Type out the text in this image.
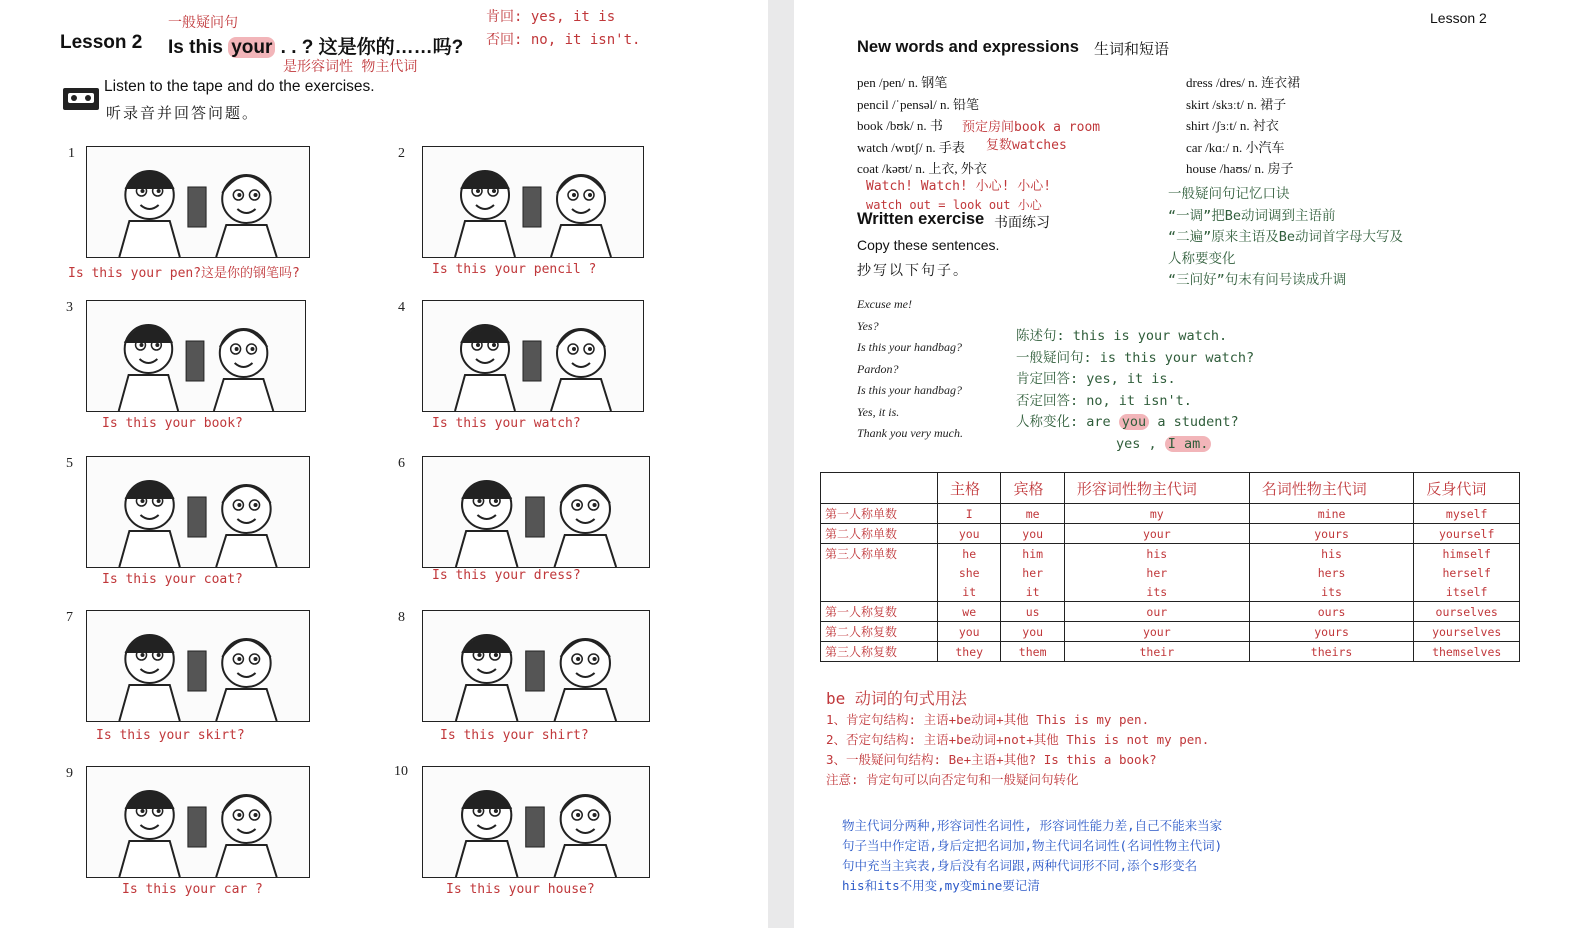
Lesson 2 Is this your . . ? 这是你的……吗?
一般疑问句
是形容词性 物主代词
肯回: yes, it is
否回: no, it isn't.
Listen to the tape and do the exercises.
听录音并回答问题。
1
Is this your pen?这是你的钢笔吗?
2
Is this your pencil ?
3
Is this your book?
4
Is this your watch?
5
Is this your coat?
6
Is this your dress?
7
Is this your skirt?
8
Is this your shirt?
9
Is this your car ?
10
Is this your house?
Lesson 2
New words and expressions 生词和短语
pen /pen/ n. 钢笔
pencil /ˈpensəl/ n. 铅笔
book /bʊk/ n. 书
watch /wɒtʃ/ n. 手表
coat /kəʊt/ n. 上衣, 外衣
dress /dres/ n. 连衣裙
skirt /skɜːt/ n. 裙子
shirt /ʃɜːt/ n. 衬衣
car /kɑː/ n. 小汽车
house /haʊs/ n. 房子
预定房间book a room
复数watches
Watch! Watch! 小心! 小心!
watch out = look out 小心
Written exercise 书面练习
Copy these sentences.
抄写以下句子。
Excuse me!
Yes?
Is this your handbag?
Pardon?
Is this your handbag?
Yes, it is.
Thank you very much.
一般疑问句记忆口诀
“一调”把Be动词调到主语前
“二遍”原来主语及Be动词首字母大写及
人称要变化
“三问好”句末有问号读成升调
陈述句: this is your watch.
一般疑问句: is this your watch?
肯定回答: yes, it is.
否定回答: no, it isn't.
人称变化: are you a student?
yes , I am.
	主格	宾格	形容词性物主代词	名词性物主代词	反身代词
第一人称单数	I	me	my	mine	myself
第二人称单数	you	you	your	yours	yourself
第三人称单数	he	him	his	his	himself
	she	her	her	hers	herself
	it	it	its	its	itself
第一人称复数	we	us	our	ours	ourselves
第二人称复数	you	you	your	yours	yourselves
第三人称复数	they	them	their	theirs	themselves
be 动词的句式用法
1、肯定句结构: 主语+be动词+其他 This is my pen.
2、否定句结构: 主语+be动词+not+其他 This is not my pen.
3、一般疑问句结构: Be+主语+其他? Is this a book?
注意: 肯定句可以向否定句和一般疑问句转化
物主代词分两种,形容词性名词性, 形容词性能力差,自己不能来当家
句子当中作定语,身后定把名词加,物主代词名词性(名词性物主代词)
句中充当主宾表,身后没有名词跟,两种代词形不同,添个s形变名
his和its不用变,my变mine要记清
